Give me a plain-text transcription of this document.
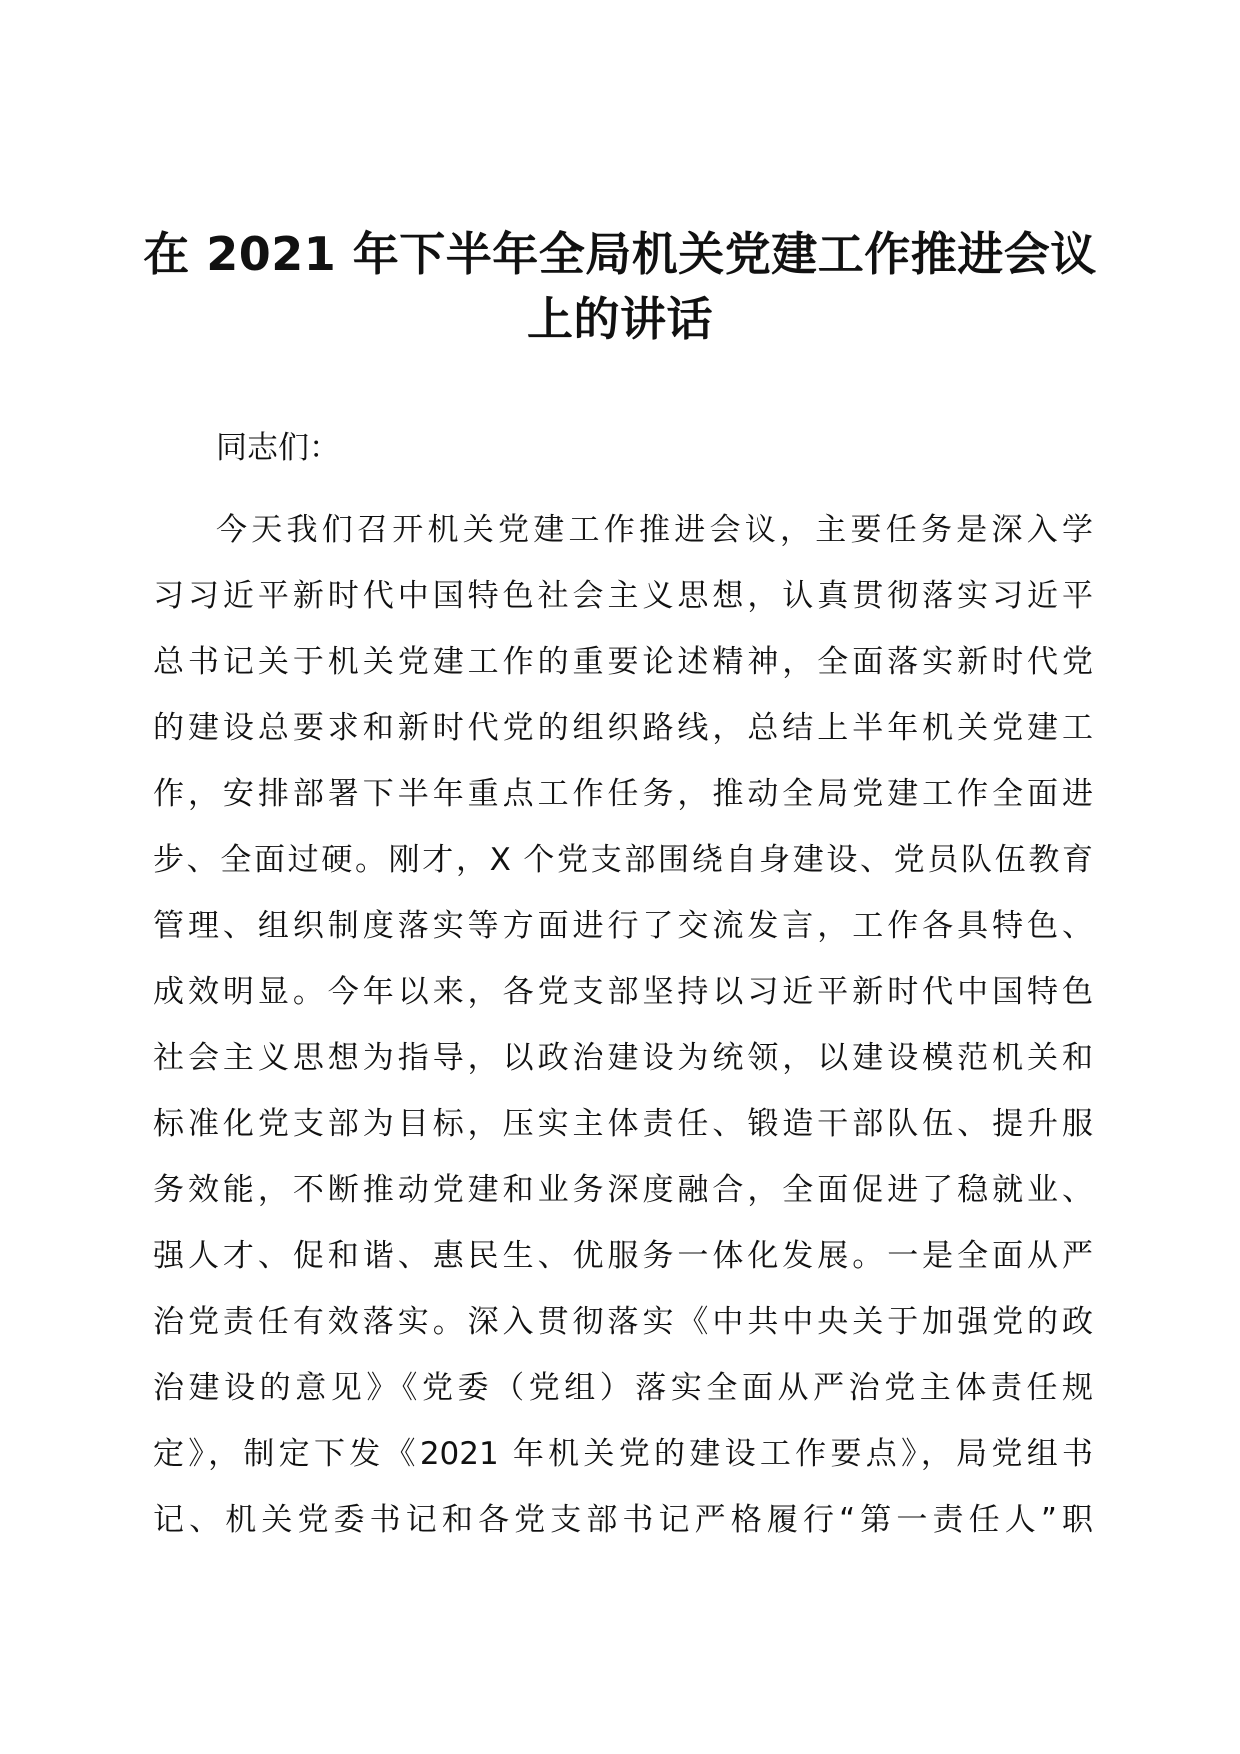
在 2021 年下半年全局机关党建工作推进会议
上的讲话

同志们：

今天我们召开机关党建工作推进会议，主要任务是深入学
习习近平新时代中国特色社会主义思想，认真贯彻落实习近平
总书记关于机关党建工作的重要论述精神，全面落实新时代党
的建设总要求和新时代党的组织路线，总结上半年机关党建工
作，安排部署下半年重点工作任务，推动全局党建工作全面进
步、全面过硬。刚才，X 个党支部围绕自身建设、党员队伍教育
管理、组织制度落实等方面进行了交流发言，工作各具特色、
成效明显。今年以来，各党支部坚持以习近平新时代中国特色
社会主义思想为指导，以政治建设为统领，以建设模范机关和
标准化党支部为目标，压实主体责任、锻造干部队伍、提升服
务效能，不断推动党建和业务深度融合，全面促进了稳就业、
强人才、促和谐、惠民生、优服务一体化发展。一是全面从严
治党责任有效落实。深入贯彻落实《中共中央关于加强党的政
治建设的意见》《党委（党组）落实全面从严治党主体责任规
定》，制定下发《2021 年机关党的建设工作要点》，局党组书
记、机关党委书记和各党支部书记严格履行“第一责任人”职
